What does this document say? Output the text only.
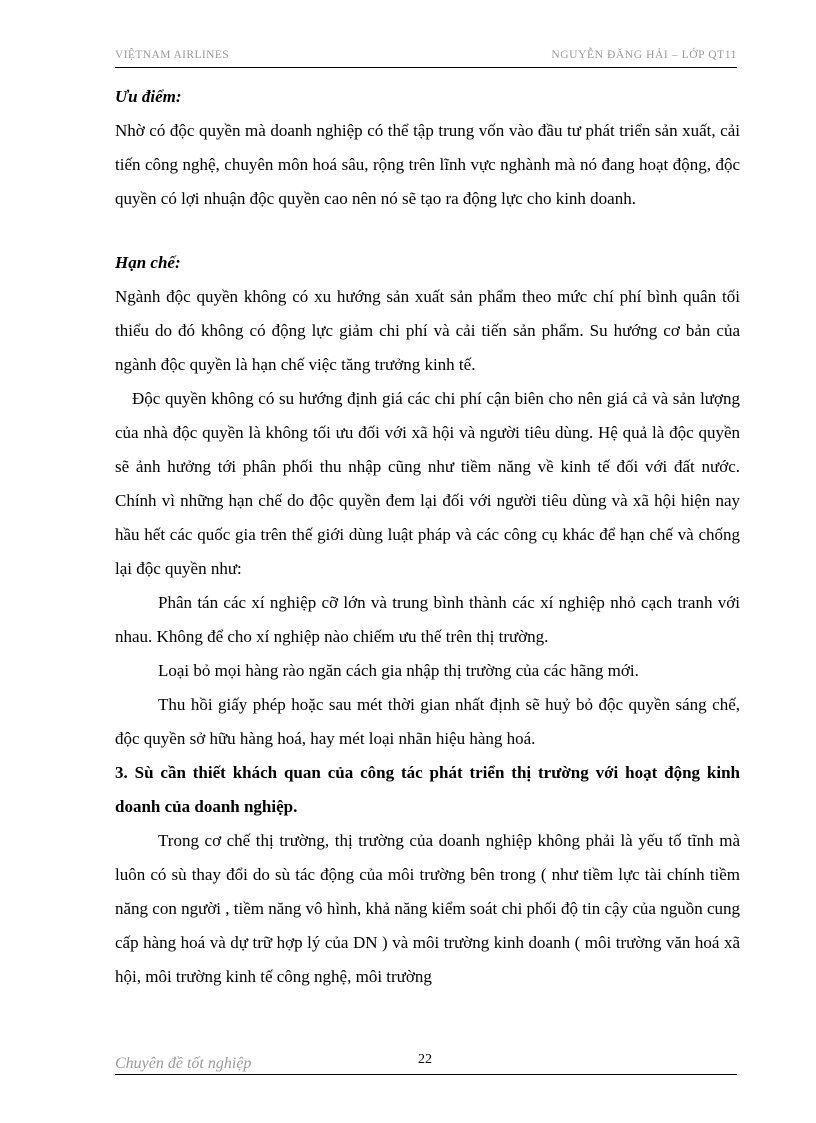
VIỆTNAM AIRLINES	NGUYỄN ĐĂNG HẢI – LỚP QT11

Ưu điểm:

Nhờ có độc quyền mà doanh nghiệp có thể tập trung vốn vào đầu tư phát triển sản xuất, cải tiến công nghệ, chuyên môn hoá sâu, rộng trên lĩnh vực nghành mà nó đang hoạt động, độc quyền có lợi nhuận độc quyền cao nên nó sẽ tạo ra động lực cho kinh doanh.

Hạn chế:

Ngành độc quyền không có xu hướng sản xuất sản phẩm theo mức chí phí bình quân tối thiểu do đó không có động lực giảm chi phí và cải tiến sản phẩm. Su hướng cơ bản của ngành độc quyền là hạn chế việc tăng trưởng kinh tế.

Độc quyền không có su hướng định giá các chi phí cận biên cho nên giá cả và sản lượng của nhà độc quyền là không tối ưu đối với xã hội và người tiêu dùng. Hệ quả là độc quyền sẽ ảnh hưởng tới phân phối thu nhập cũng như tiềm năng về kinh tế đối với đất nước. Chính vì những hạn chế do độc quyền đem lại đối với người tiêu dùng và xã hội hiện nay hầu hết các quốc gia trên thế giới dùng luật pháp và các công cụ khác để hạn chế và chống lại độc quyền như:

Phân tán các xí nghiệp cỡ lớn và trung bình thành các xí nghiệp nhỏ cạch tranh với nhau. Không để cho xí nghiệp nào chiếm ưu thế trên thị trường.

Loại bỏ mọi hàng rào ngăn cách gia nhập thị trường của các hãng mới.

Thu hồi giấy phép hoặc sau mét thời gian nhất định sẽ huỷ bỏ độc quyền sáng chế, độc quyền sở hữu hàng hoá, hay mét loại nhãn hiệu hàng hoá.

3. Sù cần thiết khách quan của công tác phát triển thị trường với hoạt động kinh doanh của doanh nghiệp.

Trong cơ chế thị trường, thị trường của doanh nghiệp không phải là yếu tố tĩnh mà luôn có sù thay đổi do sù tác động của môi trường bên trong ( như tiềm lực tài chính tiềm năng con người , tiềm năng vô hình, khả năng kiểm soát chi phối độ tin cậy của nguồn cung cấp hàng hoá và dự trữ hợp lý của DN ) và môi trường kinh doanh ( môi trường văn hoá xã hội, môi trường kinh tế công nghệ, môi trường

Chuyên đề tốt nghiệp	22
